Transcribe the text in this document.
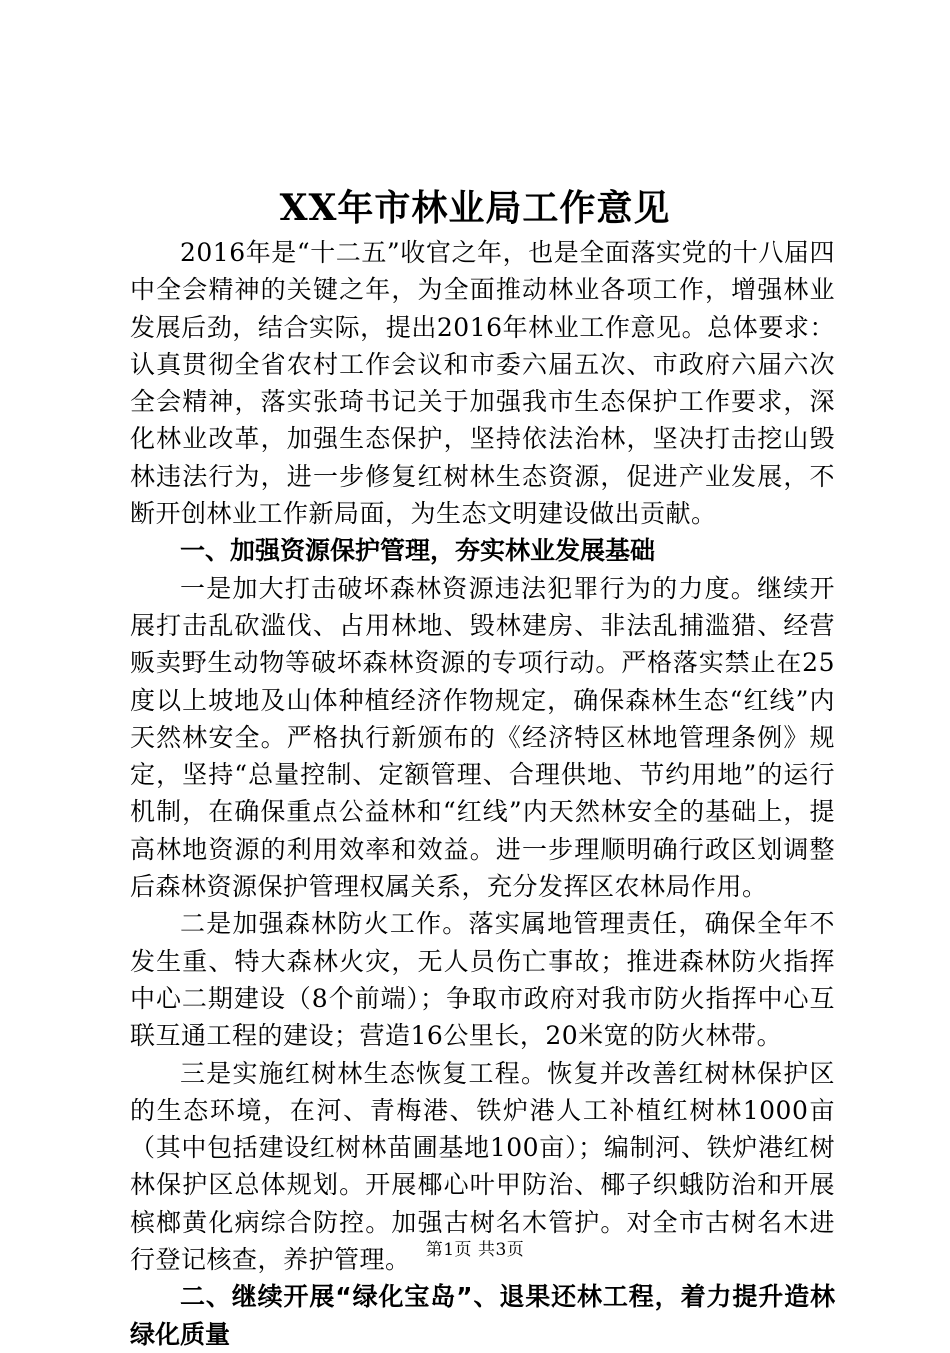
XX年市林业局工作意见

2016年是“十二五”收官之年，也是全面落实党的十八届四中全会精神的关键之年，为全面推动林业各项工作，增强林业发展后劲，结合实际，提出2016年林业工作意见。总体要求：认真贯彻全省农村工作会议和市委六届五次、市政府六届六次全会精神，落实张琦书记关于加强我市生态保护工作要求，深化林业改革，加强生态保护，坚持依法治林，坚决打击挖山毁林违法行为，进一步修复红树林生态资源，促进产业发展，不断开创林业工作新局面，为生态文明建设做出贡献。

一、加强资源保护管理，夯实林业发展基础

一是加大打击破坏森林资源违法犯罪行为的力度。继续开展打击乱砍滥伐、占用林地、毁林建房、非法乱捕滥猎、经营贩卖野生动物等破坏森林资源的专项行动。严格落实禁止在25度以上坡地及山体种植经济作物规定，确保森林生态“红线”内天然林安全。严格执行新颁布的《经济特区林地管理条例》规定，坚持“总量控制、定额管理、合理供地、节约用地”的运行机制，在确保重点公益林和“红线”内天然林安全的基础上，提高林地资源的利用效率和效益。进一步理顺明确行政区划调整后森林资源保护管理权属关系，充分发挥区农林局作用。

二是加强森林防火工作。落实属地管理责任，确保全年不发生重、特大森林火灾，无人员伤亡事故；推进森林防火指挥中心二期建设（8个前端）；争取市政府对我市防火指挥中心互联互通工程的建设；营造16公里长，20米宽的防火林带。

三是实施红树林生态恢复工程。恢复并改善红树林保护区的生态环境，在河、青梅港、铁炉港人工补植红树林1000亩（其中包括建设红树林苗圃基地100亩）；编制河、铁炉港红树林保护区总体规划。开展椰心叶甲防治、椰子织蛾防治和开展槟榔黄化病综合防控。加强古树名木管护。对全市古树名木进行登记核查，养护管理。

二、继续开展“绿化宝岛”、退果还林工程，着力提升造林绿化质量

第1页 共3页
